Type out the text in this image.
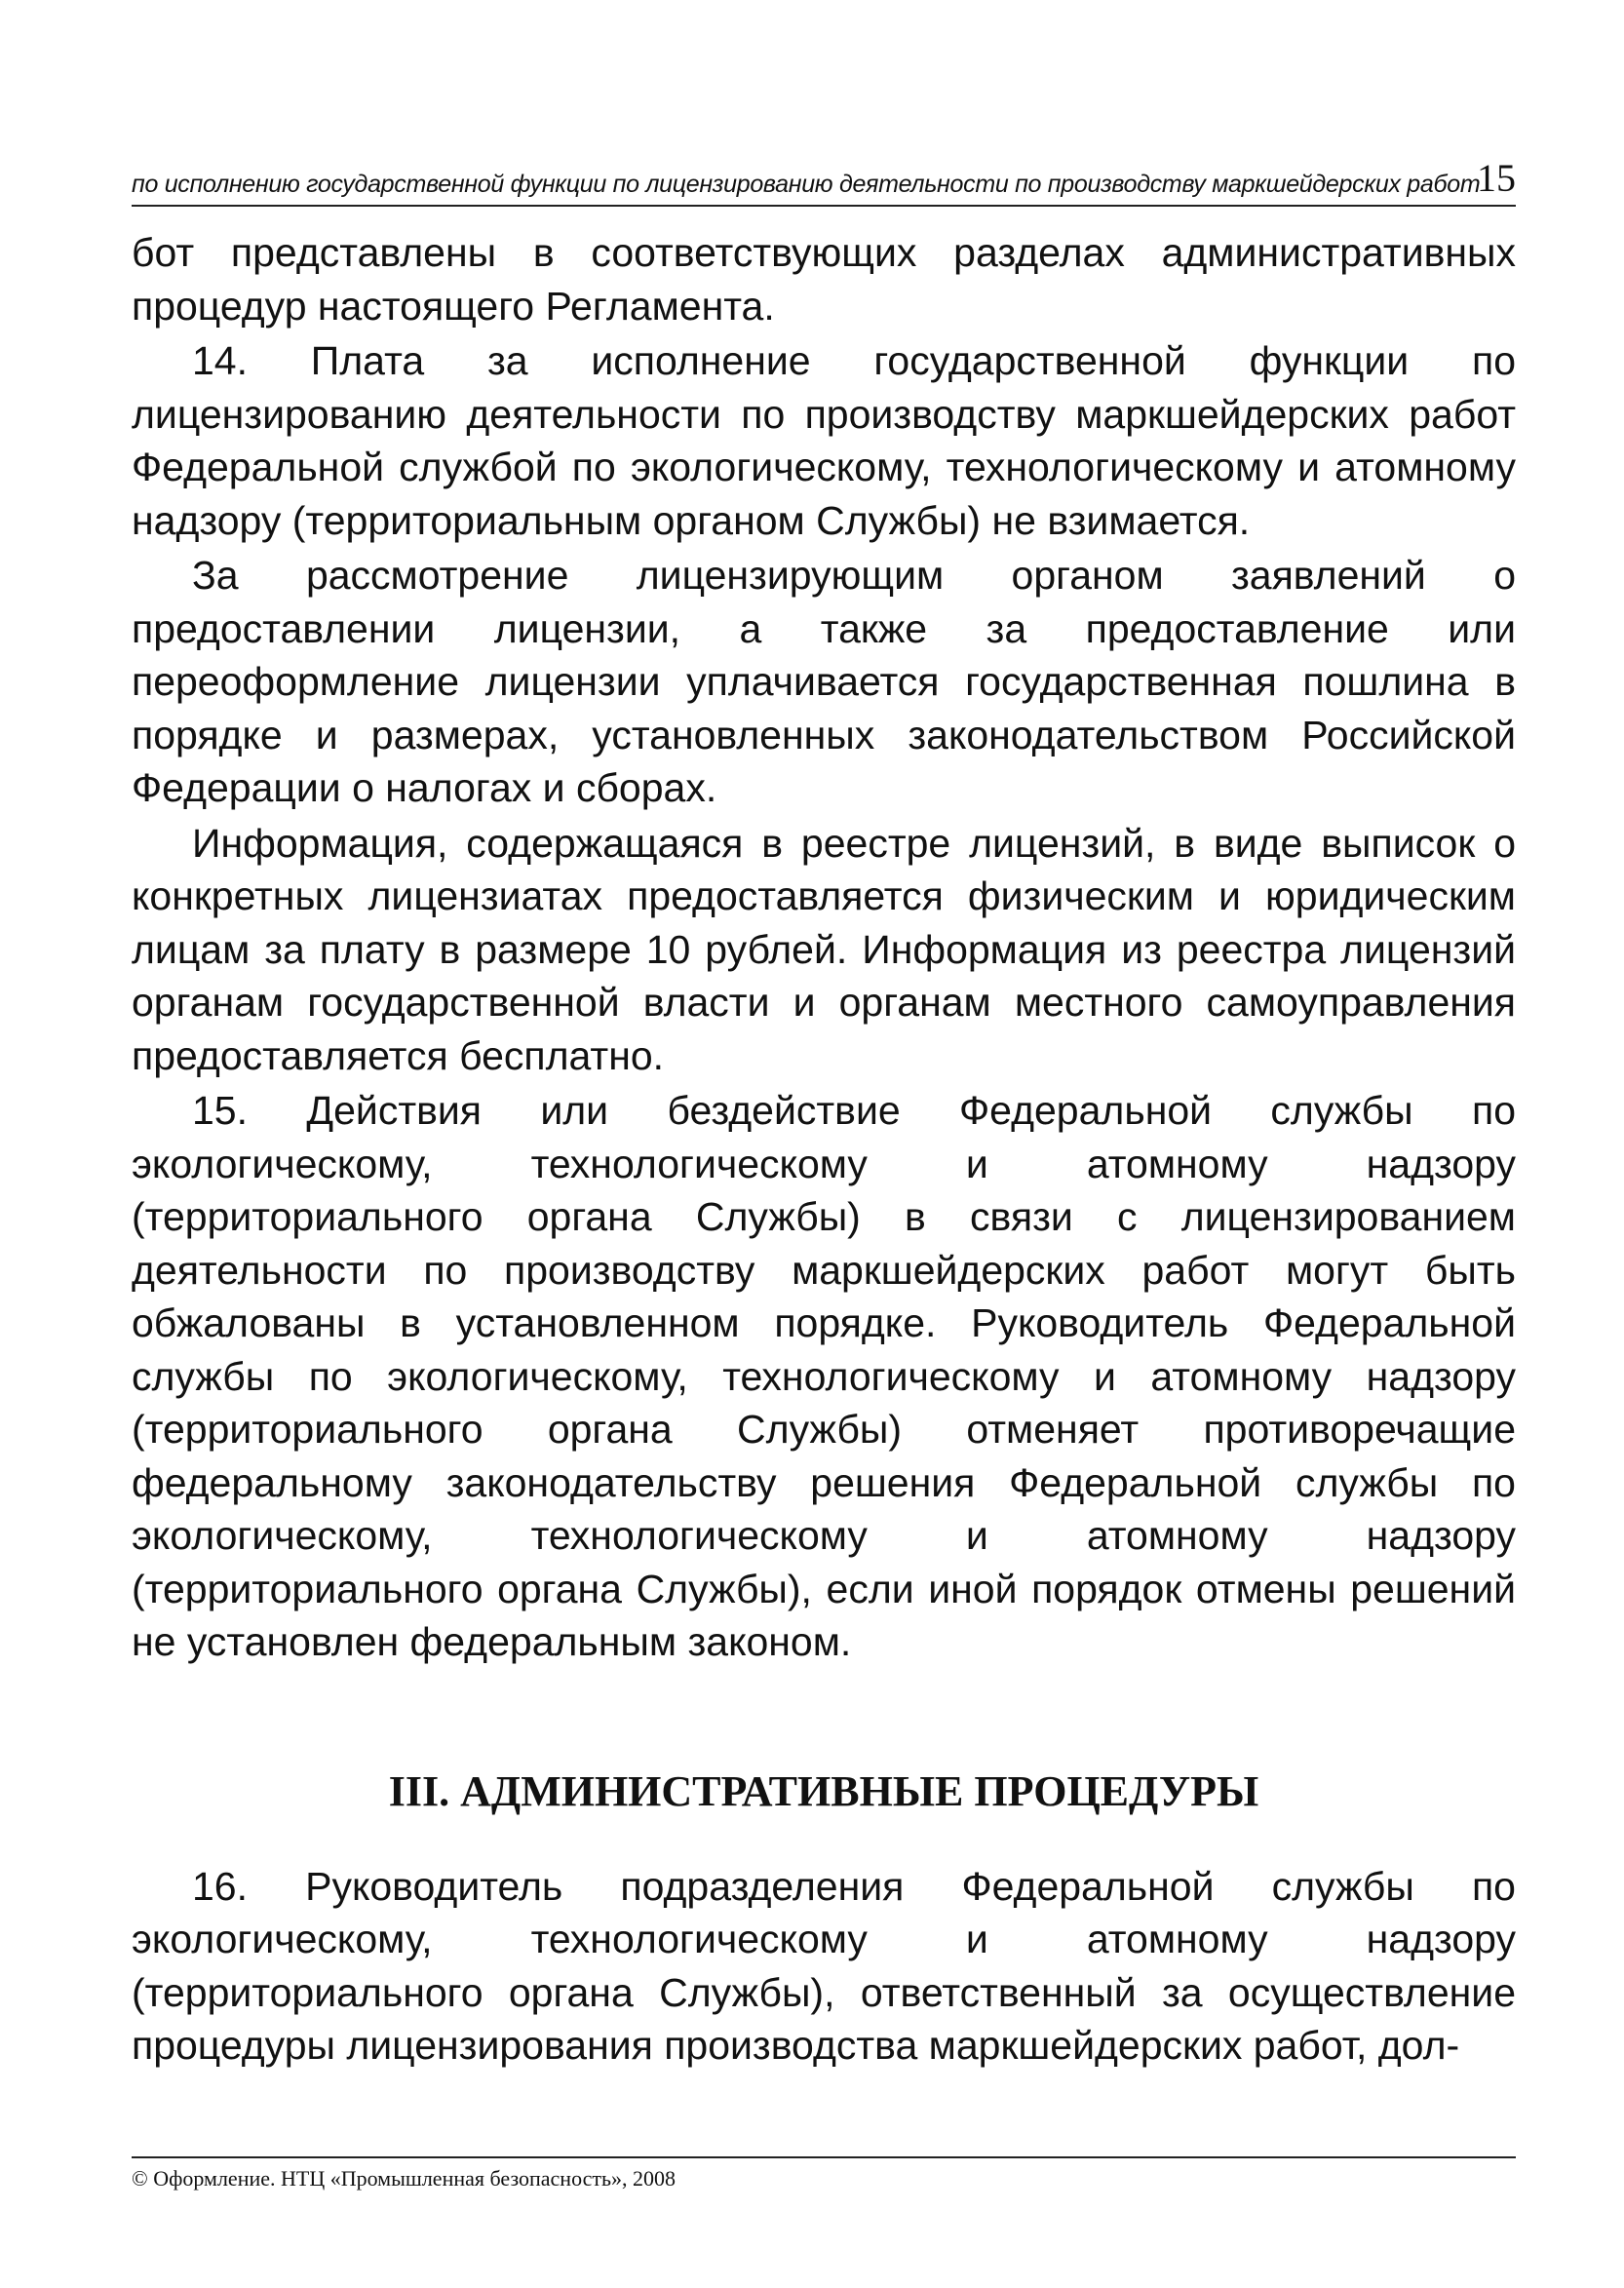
по исполнению государственной функции по лицензированию деятельности по производству маркшейдерских работ
15

бот представлены в соответствующих разделах административных процедур настоящего Регламента.

14. Плата за исполнение государственной функции по лицензированию деятельности по производству маркшейдерских работ Федеральной службой по экологическому, технологическому и атомному надзору (территориальным органом Службы) не взимается.

За рассмотрение лицензирующим органом заявлений о предоставлении лицензии, а также за предоставление или переоформление лицензии уплачивается государственная пошлина в порядке и размерах, установленных законодательством Российской Федерации о налогах и сборах.

Информация, содержащаяся в реестре лицензий, в виде выписок о конкретных лицензиатах предоставляется физическим и юридическим лицам за плату в размере 10 рублей. Информация из реестра лицензий органам государственной власти и органам местного самоуправления предоставляется бесплатно.

15. Действия или бездействие Федеральной службы по экологическому, технологическому и атомному надзору (территориального органа Службы) в связи с лицензированием деятельности по производству маркшейдерских работ могут быть обжалованы в установленном порядке. Руководитель Федеральной службы по экологическому, технологическому и атомному надзору (территориального органа Службы) отменяет противоречащие федеральному законодательству решения Федеральной службы по экологическому, технологическому и атомному надзору (территориального органа Службы), если иной порядок отмены решений не установлен федеральным законом.

III. АДМИНИСТРАТИВНЫЕ ПРОЦЕДУРЫ

16. Руководитель подразделения Федеральной службы по экологическому, технологическому и атомному надзору (территориального органа Службы), ответственный за осуществление процедуры лицензирования производства маркшейдерских работ, дол-

© Оформление. НТЦ «Промышленная безопасность», 2008
